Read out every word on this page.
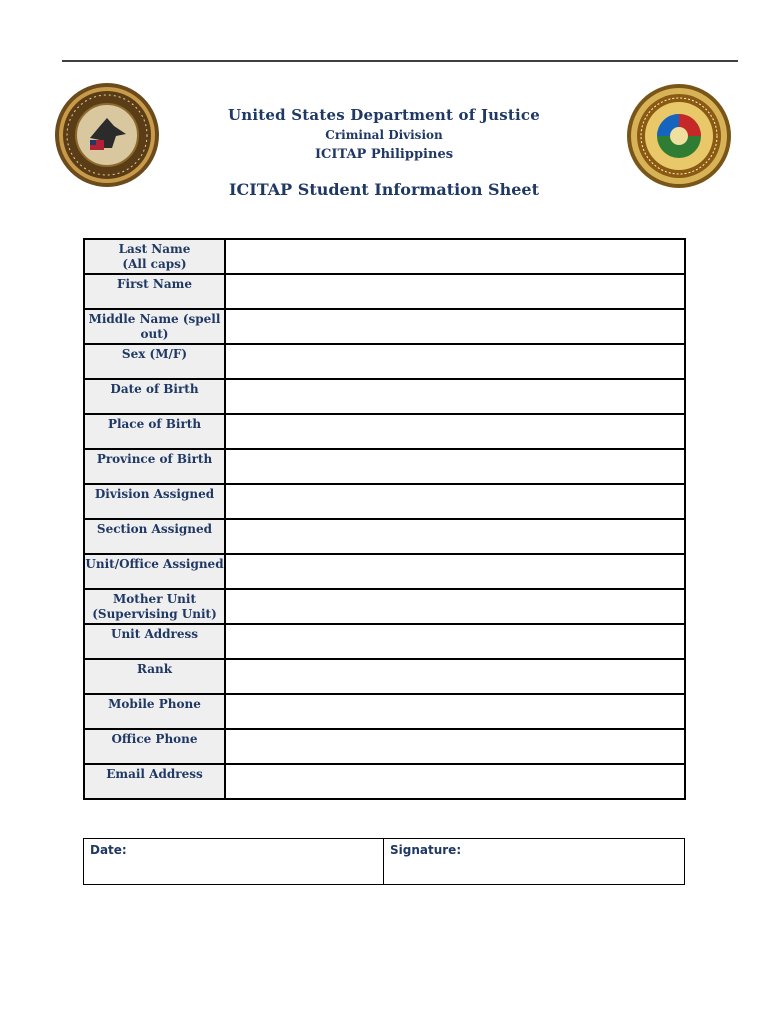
United States Department of Justice
Criminal Division
ICITAP Philippines
ICITAP Student Information Sheet
Last Name
(All caps)	
First Name	
Middle Name (spell out)	
Sex (M/F)	
Date of Birth	
Place of Birth	
Province of Birth	
Division Assigned	
Section Assigned	
Unit/Office Assigned	
Mother Unit (Supervising Unit)	
Unit Address	
Rank	
Mobile Phone	
Office Phone	
Email Address	
Date:	Signature:
